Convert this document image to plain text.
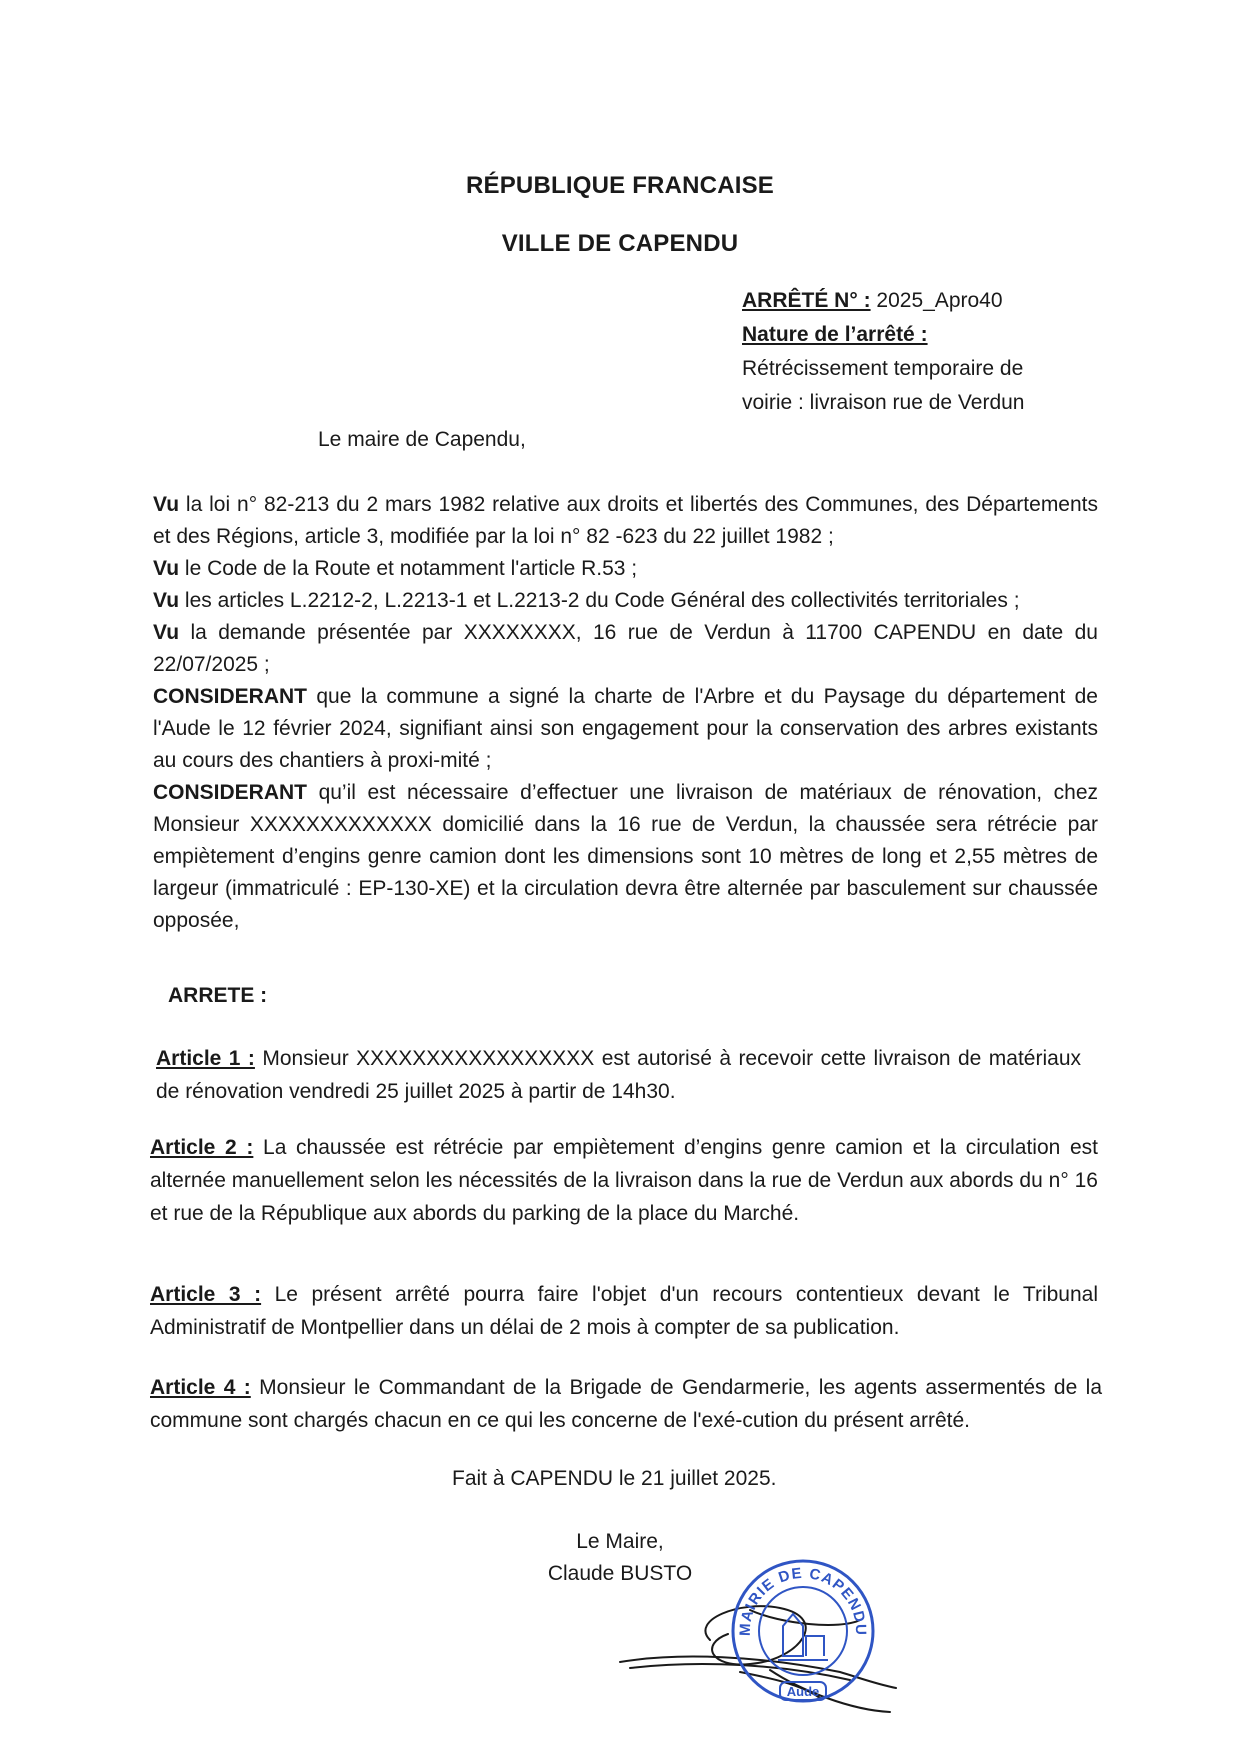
RÉPUBLIQUE FRANCAISE
VILLE DE CAPENDU
ARRÊTÉ N° : 2025_Apro40
Nature de l’arrêté :
Rétrécissement temporaire de
voirie : livraison rue de Verdun
Le maire de Capendu,

Vu la loi n° 82-213 du 2 mars 1982 relative aux droits et libertés des Communes, des Départements et des Régions, article 3, modifiée par la loi n° 82 -623 du 22 juillet 1982 ;

Vu le Code de la Route et notamment l'article R.53 ;

Vu les articles L.2212-2, L.2213-1 et L.2213-2 du Code Général des collectivités territoriales ;

Vu la demande présentée par XXXXXXXX, 16 rue de Verdun à 11700 CAPENDU en date du 22/07/2025 ;

CONSIDERANT que la commune a signé la charte de l'Arbre et du Paysage du département de l'Aude le 12 février 2024, signifiant ainsi son engagement pour la conservation des arbres existants au cours des chantiers à proxi-mité ;

CONSIDERANT qu’il est nécessaire d’effectuer une livraison de matériaux de rénovation, chez Monsieur XXXXXXXXXXXXX domicilié dans la 16 rue de Verdun, la chaussée sera rétrécie par empiètement d’engins genre camion dont les dimensions sont 10 mètres de long et 2,55 mètres de largeur (immatriculé : EP-130-XE) et la circulation devra être alternée par basculement sur chaussée opposée,

ARRETE :
Article 1 : Monsieur XXXXXXXXXXXXXXXXX est autorisé à recevoir cette livraison de matériaux de rénovation vendredi 25 juillet 2025 à partir de 14h30.
Article 2 : La chaussée est rétrécie par empiètement d’engins genre camion et la circulation est alternée manuellement selon les nécessités de la livraison dans la rue de Verdun aux abords du n° 16 et rue de la République aux abords du parking de la place du Marché.
Article 3 : Le présent arrêté pourra faire l'objet d'un recours contentieux devant le Tribunal Administratif de Montpellier dans un délai de 2 mois à compter de sa publication.
Article 4 : Monsieur le Commandant de la Brigade de Gendarmerie, les agents assermentés de la commune sont chargés chacun en ce qui les concerne de l'exé-cution du présent arrêté.
Fait à CAPENDU le 21 juillet 2025.
Le Maire,
Claude BUSTO
MAIRIE DE CAPENDU
Aude
